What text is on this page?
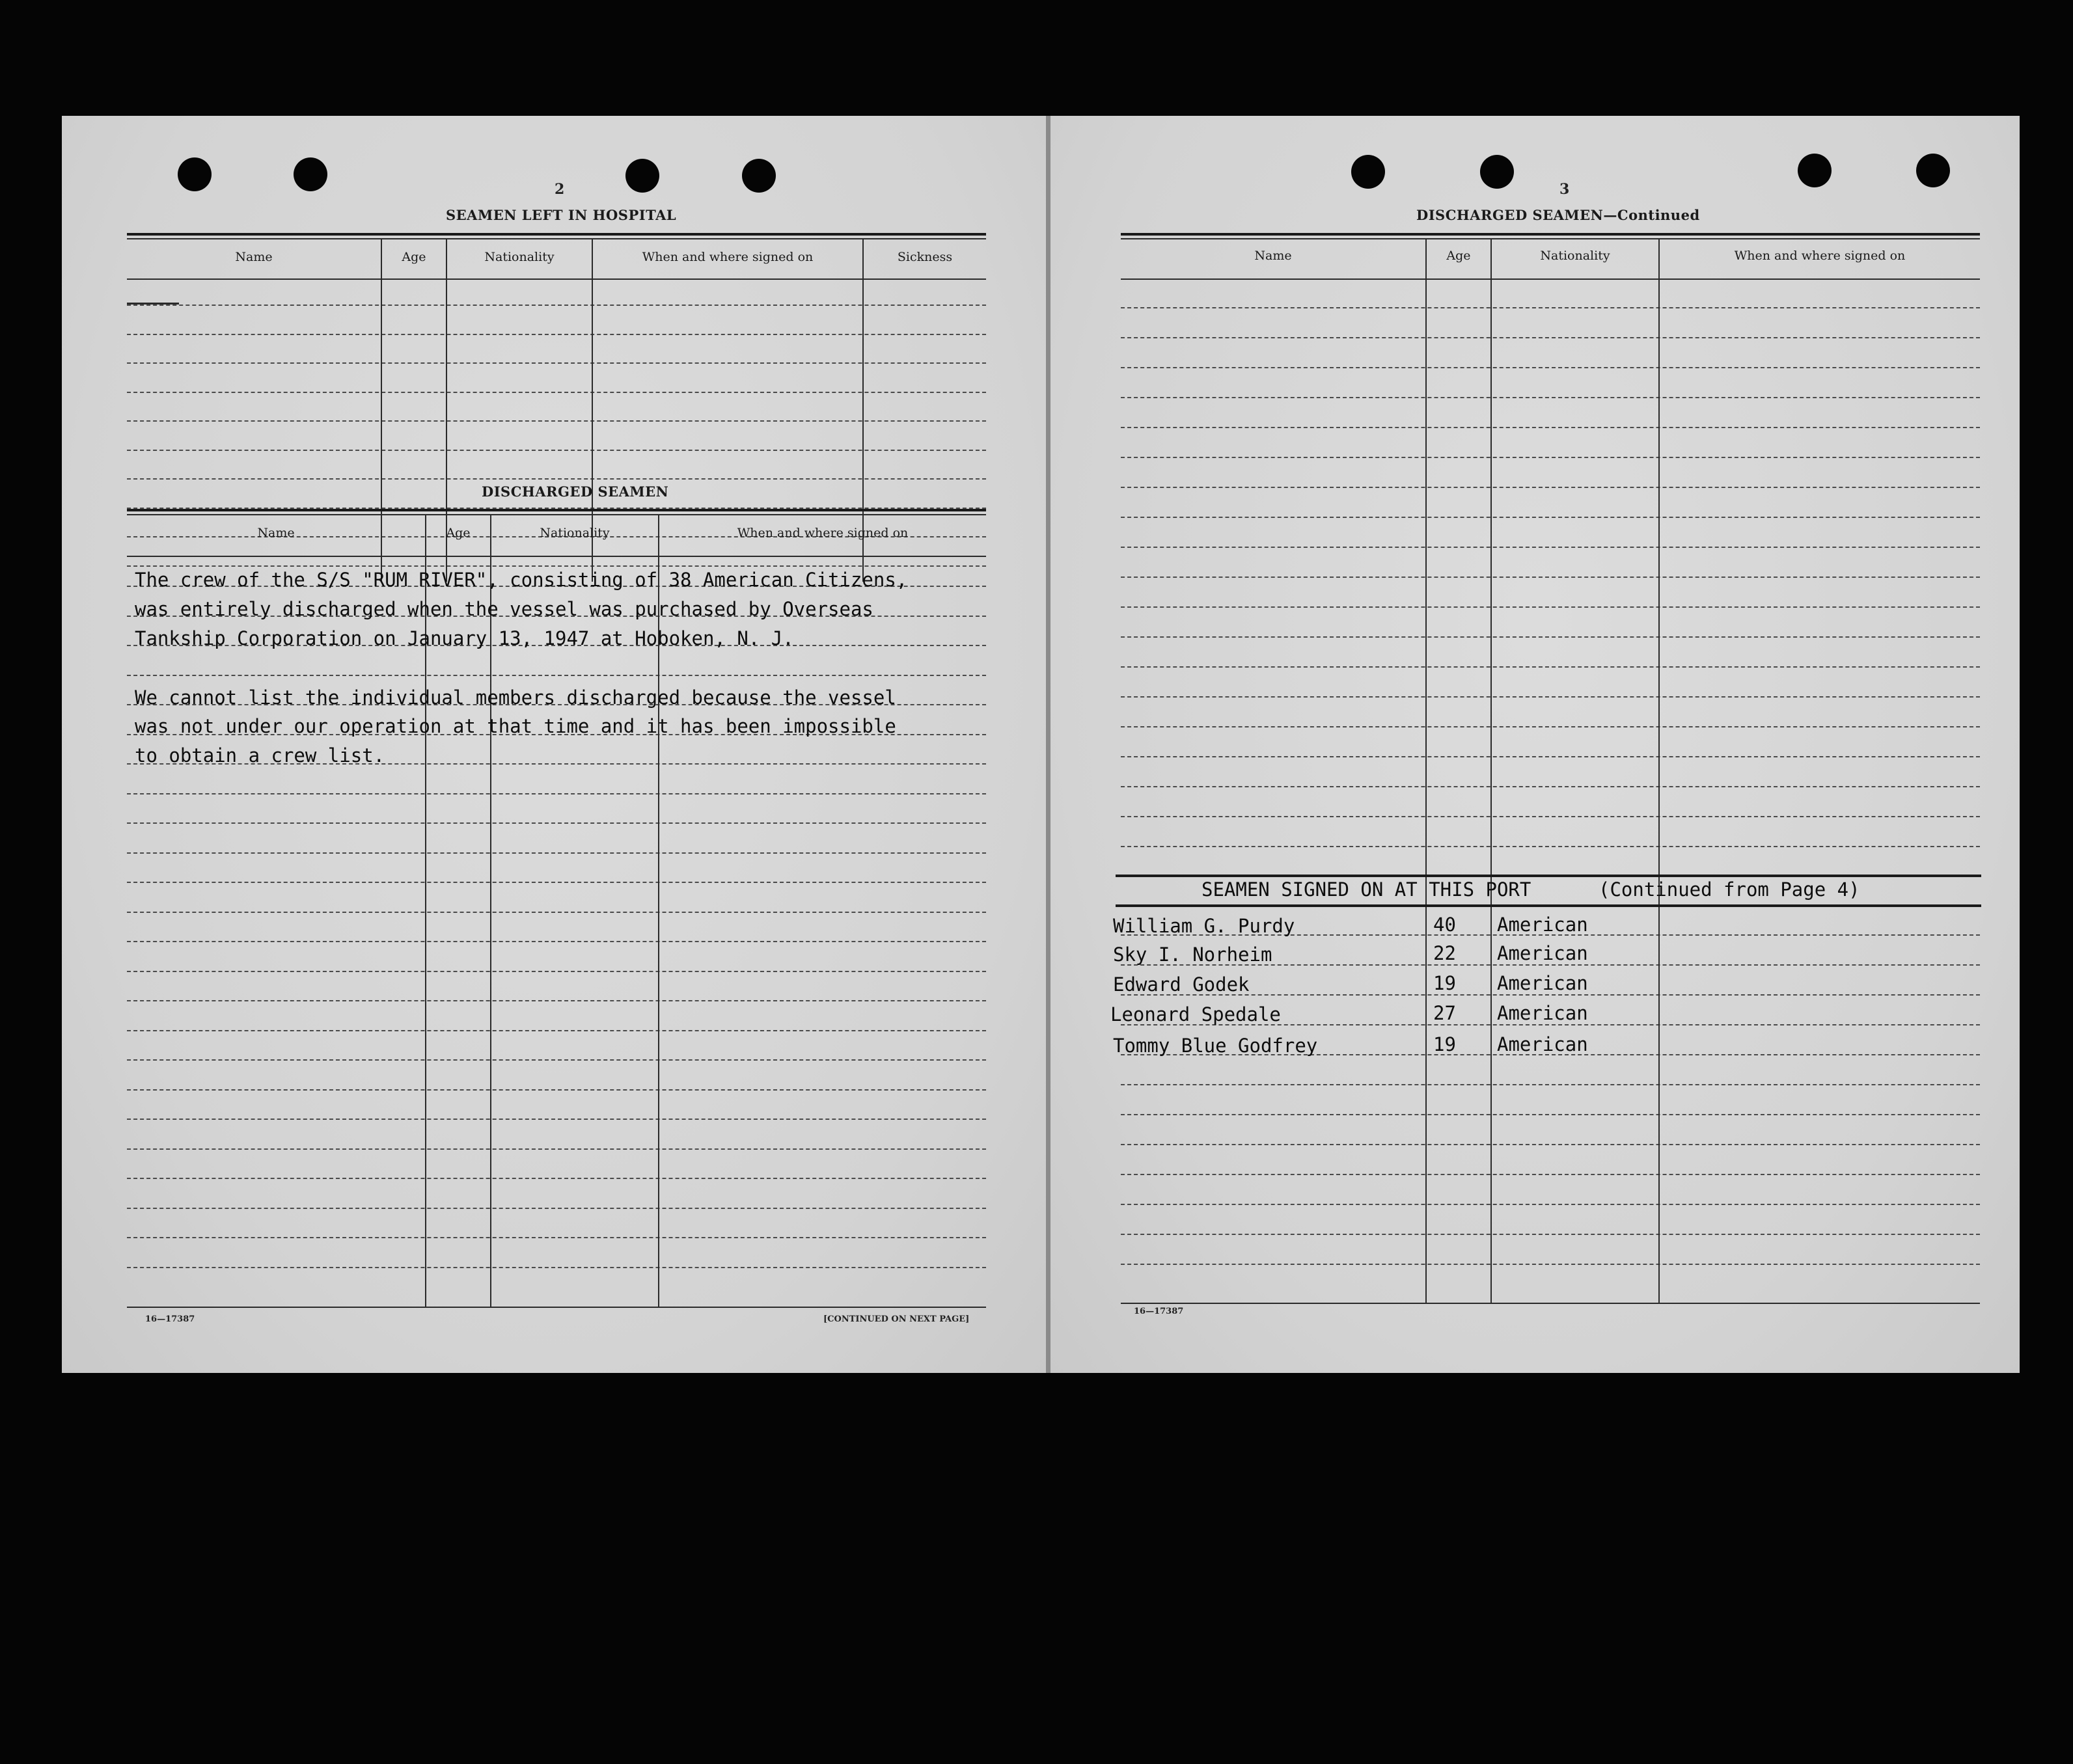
2
SEAMEN LEFT IN HOSPITAL
Name	Age	Nationality	When and where signed on	Sickness
DISCHARGED SEAMEN
Name	Age	Nationality	When and where signed on
The crew of the S/S "RUM RIVER", consisting of 38 American Citizens,
was entirely discharged when the vessel was purchased by Overseas
Tankship Corporation on January 13, 1947 at Hoboken, N. J.
We cannot list the individual members discharged because the vessel
was not under our operation at that time and it has been impossible
to obtain a crew list.
16—17387	[CONTINUED ON NEXT PAGE]
3
DISCHARGED SEAMEN—Continued
Name	Age	Nationality	When and where signed on
SEAMEN SIGNED ON AT THIS PORT	(Continued from Page 4)
William G. Purdy	40 American
Sky I. Norheim	22 American
Edward Godek	19 American
Leonard Spedale	27 American
Tommy Blue Godfrey	19 American
16—17387
